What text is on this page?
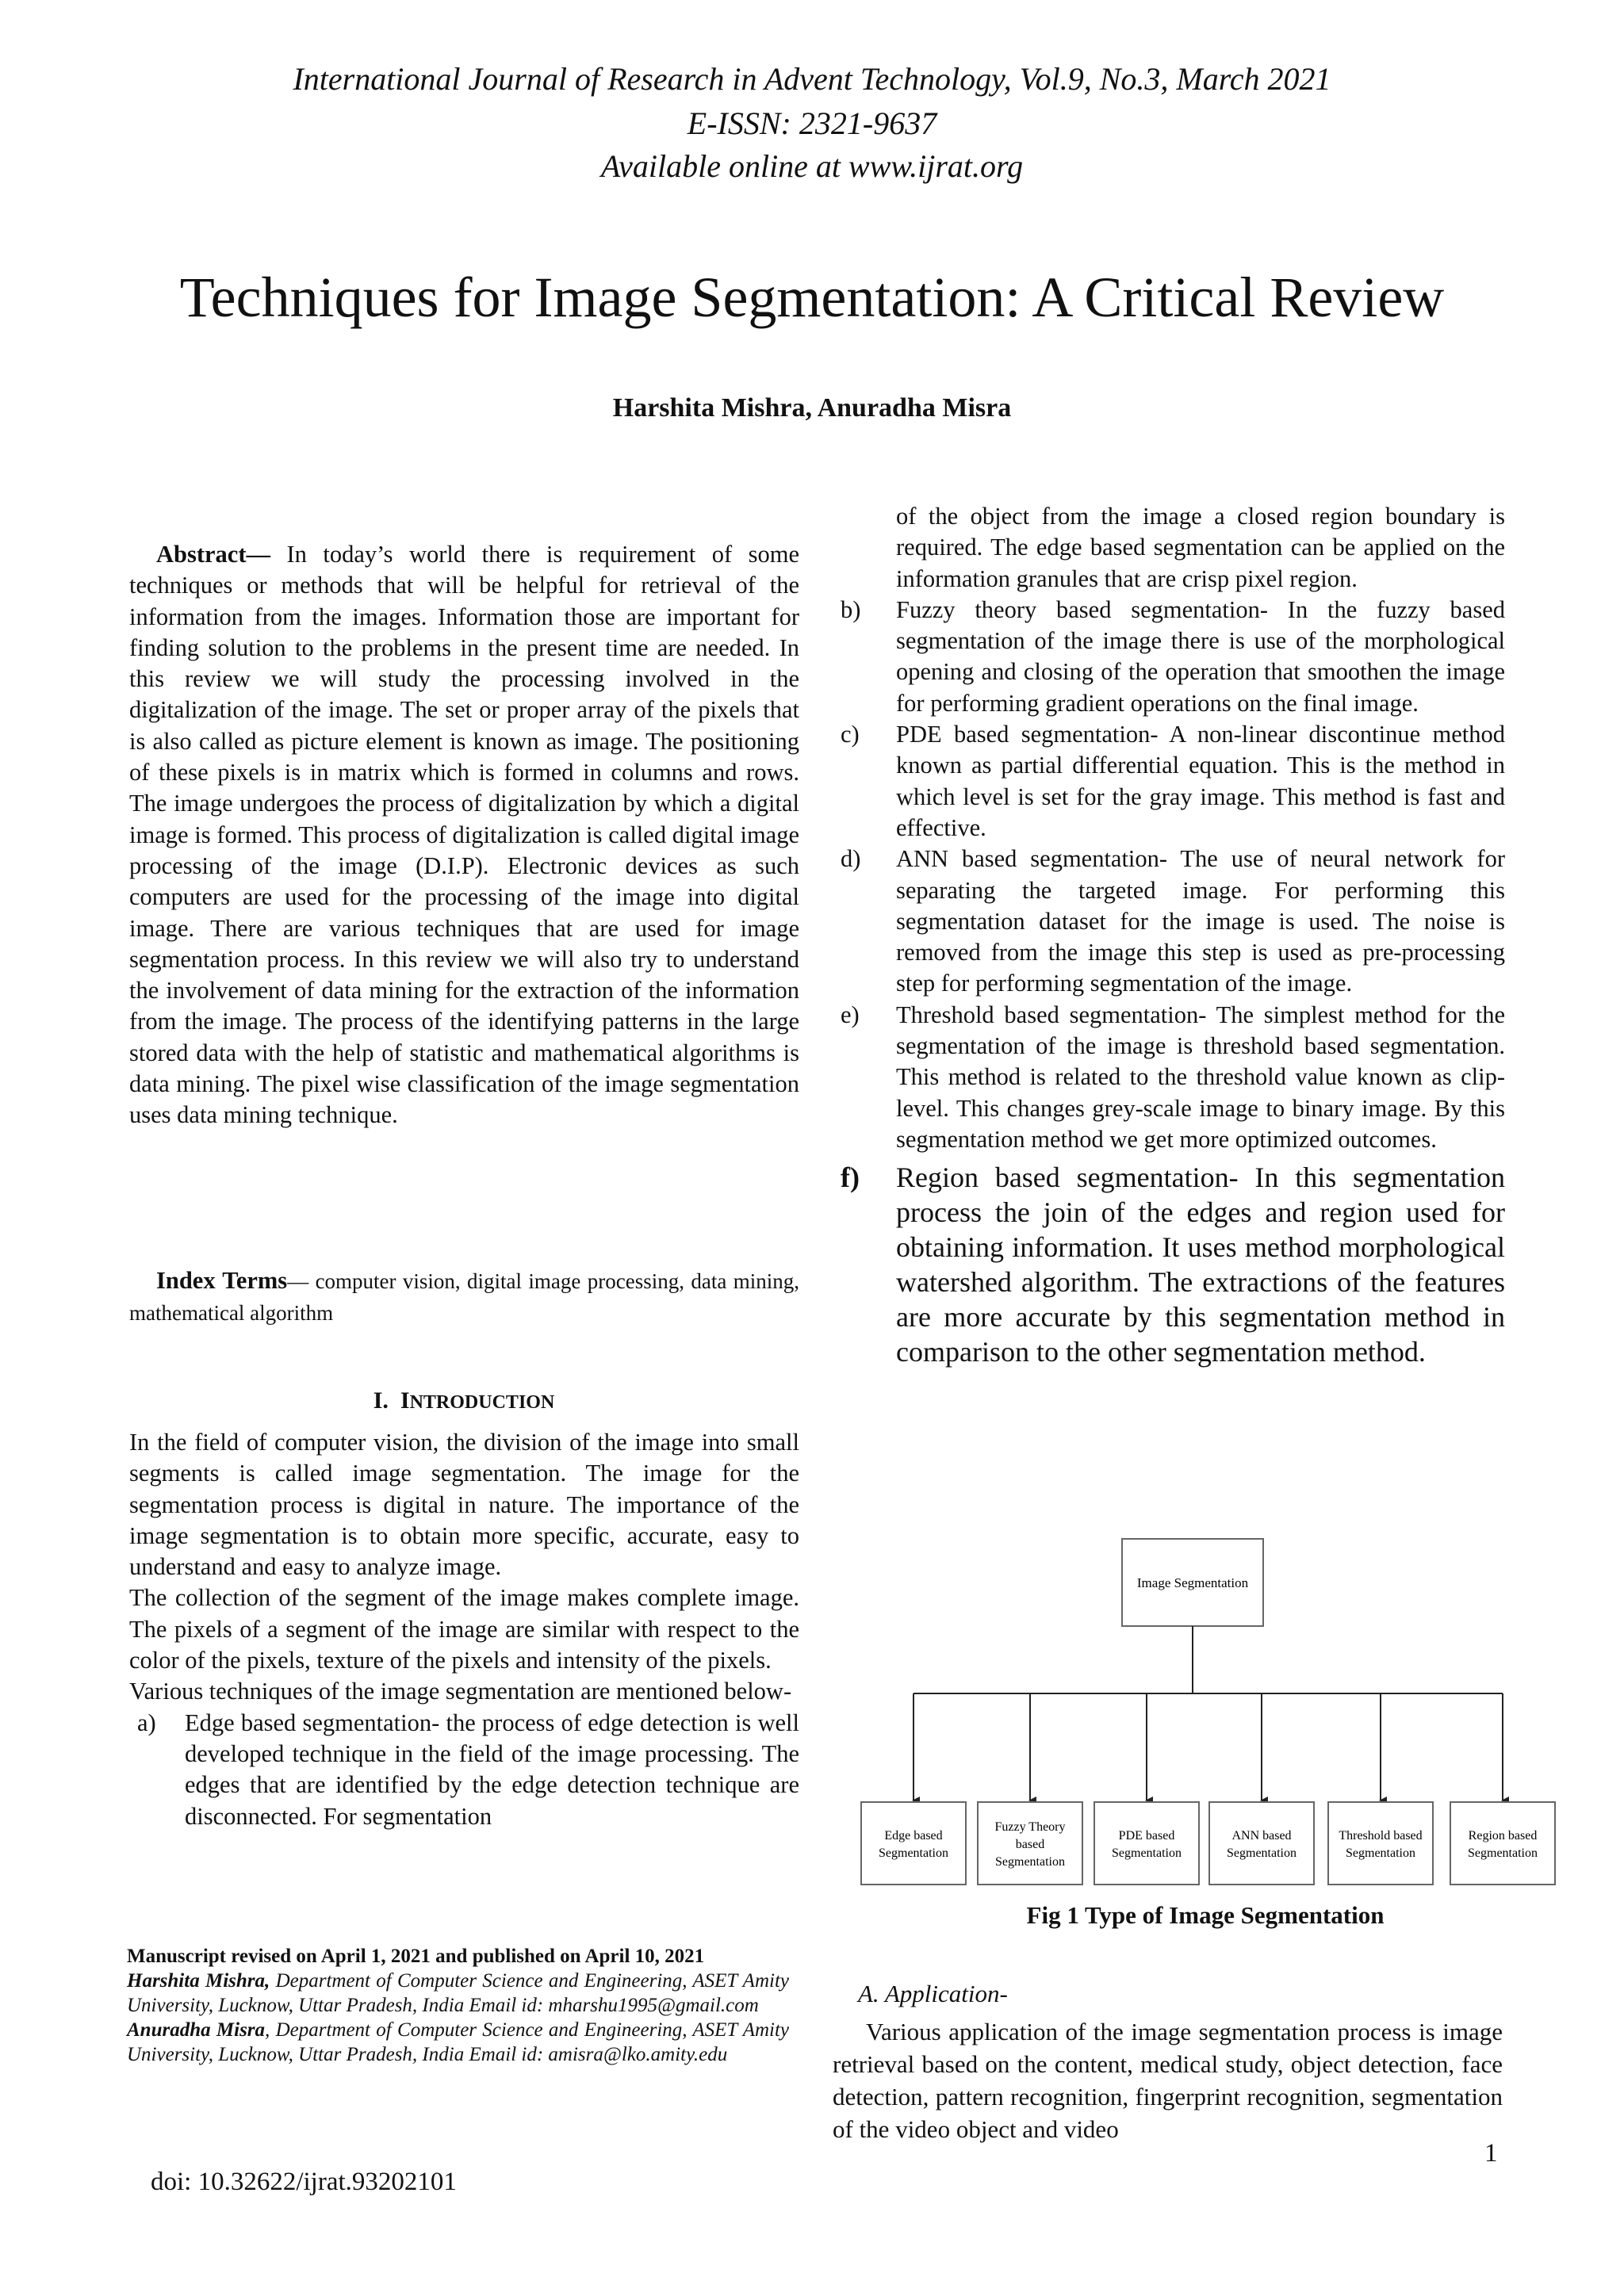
International Journal of Research in Advent Technology, Vol.9, No.3, March 2021
E-ISSN: 2321-9637
Available online at www.ijrat.org
Techniques for Image Segmentation: A Critical Review
Harshita Mishra, Anuradha Misra

Abstract— In today’s world there is requirement of some techniques or methods that will be helpful for retrieval of the information from the images. Information those are important for finding solution to the problems in the present time are needed. In this review we will study the processing involved in the digitalization of the image. The set or proper array of the pixels that is also called as picture element is known as image. The positioning of these pixels is in matrix which is formed in columns and rows. The image undergoes the process of digitalization by which a digital image is formed. This process of digitalization is called digital image processing of the image (D.I.P). Electronic devices as such computers are used for the processing of the image into digital image. There are various techniques that are used for image segmentation process. In this review we will also try to understand the involvement of data mining for the extraction of the information from the image. The process of the identifying patterns in the large stored data with the help of statistic and mathematical algorithms is data mining. The pixel wise classification of the image segmentation uses data mining technique.

Index Terms— computer vision, digital image processing, data mining, mathematical algorithm

I. INTRODUCTION

In the field of computer vision, the division of the image into small segments is called image segmentation. The image for the segmentation process is digital in nature. The importance of the image segmentation is to obtain more specific, accurate, easy to understand and easy to analyze image.

The collection of the segment of the image makes complete image. The pixels of a segment of the image are similar with respect to the color of the pixels, texture of the pixels and intensity of the pixels.

Various techniques of the image segmentation are mentioned below-

a) Edge based segmentation- the process of edge detection is well developed technique in the field of the image processing. The edges that are identified by the edge detection technique are disconnected. For segmentation

Manuscript revised on April 1, 2021 and published on April 10, 2021

Harshita Mishra, Department of Computer Science and Engineering, ASET Amity University, Lucknow, Uttar Pradesh, India Email id: mharshu1995@gmail.com

Anuradha Misra, Department of Computer Science and Engineering, ASET Amity University, Lucknow, Uttar Pradesh, India Email id: amisra@lko.amity.edu

doi: 10.32622/ijrat.93202101
1

of the object from the image a closed region boundary is required. The edge based segmentation can be applied on the information granules that are crisp pixel region.

b) Fuzzy theory based segmentation- In the fuzzy based segmentation of the image there is use of the morphological opening and closing of the operation that smoothen the image for performing gradient operations on the final image.
c) PDE based segmentation- A non-linear discontinue method known as partial differential equation. This is the method in which level is set for the gray image. This method is fast and effective.
d) ANN based segmentation- The use of neural network for separating the targeted image. For performing this segmentation dataset for the image is used. The noise is removed from the image this step is used as pre-processing step for performing segmentation of the image.
e) Threshold based segmentation- The simplest method for the segmentation of the image is threshold based segmentation. This method is related to the threshold value known as clip-level. This changes grey-scale image to binary image. By this segmentation method we get more optimized outcomes.
f) Region based segmentation- In this segmentation process the join of the edges and region used for obtaining information. It uses method morphological watershed algorithm. The extractions of the features are more accurate by this segmentation method in comparison to the other segmentation method.
Image Segmentation
Edge based
Segmentation
Fuzzy Theory
based
Segmentation
PDE based
Segmentation
ANN based
Segmentation
Threshold based
Segmentation
Region based
Segmentation
Fig 1 Type of Image Segmentation
A. Application-
Various application of the image segmentation process is image retrieval based on the content, medical study, object detection, face detection, pattern recognition, fingerprint recognition, segmentation of the video object and video
